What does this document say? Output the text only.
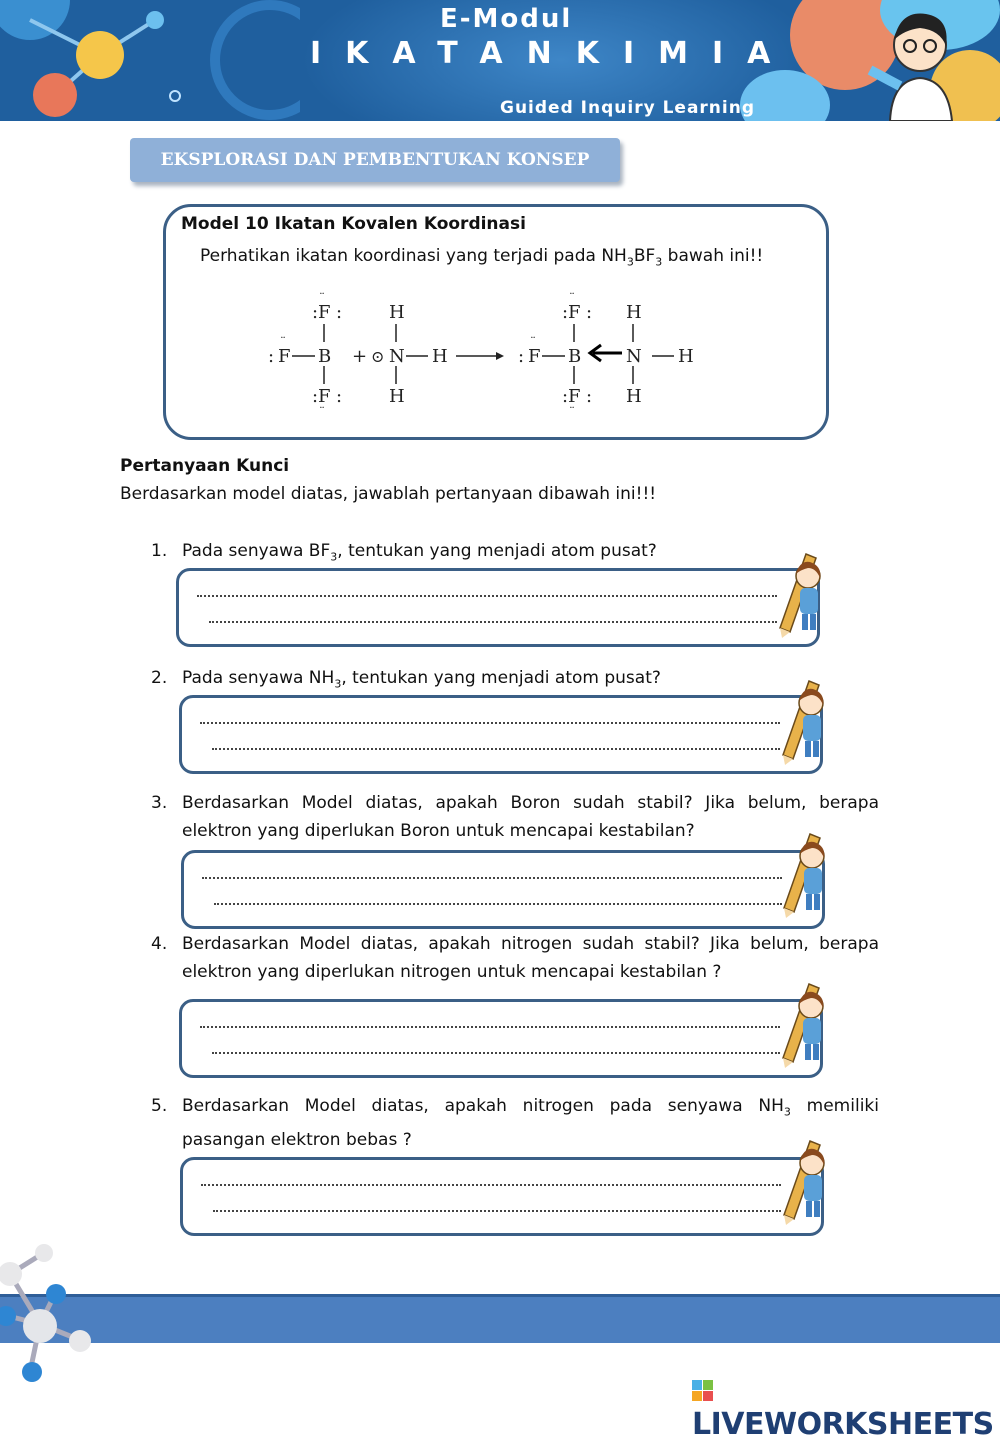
E-Modul
IKATANKIMIA
Guided Inquiry Learning
EKSPLORASI DAN PEMBENTUKAN KONSEP
Model 10 Ikatan Kovalen Koordinasi
Perhatikan ikatan koordinasi yang terjadi pada $NH_3BF_3$ bawah ini!!
F
: :
¨
B
F
:
¨
F
: :
¨
+ ⊙
H
N H
H
F
: :
¨
B
F
:
¨
F
: :
¨
H
N H
H
Pertanyaan Kunci
Berdasarkan model diatas, jawablah pertanyaan dibawah ini!!!
1. Pada senyawa $BF_3$, tentukan yang menjadi atom pusat?
2. Pada senyawa $NH_3$, tentukan yang menjadi atom pusat?
3. Berdasarkan Model diatas, apakah Boron sudah stabil? Jika belum, berapa elektron yang diperlukan Boron untuk mencapai kestabilan?
4. Berdasarkan Model diatas, apakah nitrogen sudah stabil? Jika belum, berapa elektron yang diperlukan nitrogen untuk mencapai kestabilan ?
5. Berdasarkan Model diatas, apakah nitrogen pada senyawa $NH_3$ memiliki pasangan elektron bebas ?
LIVEWORKSHEETS
